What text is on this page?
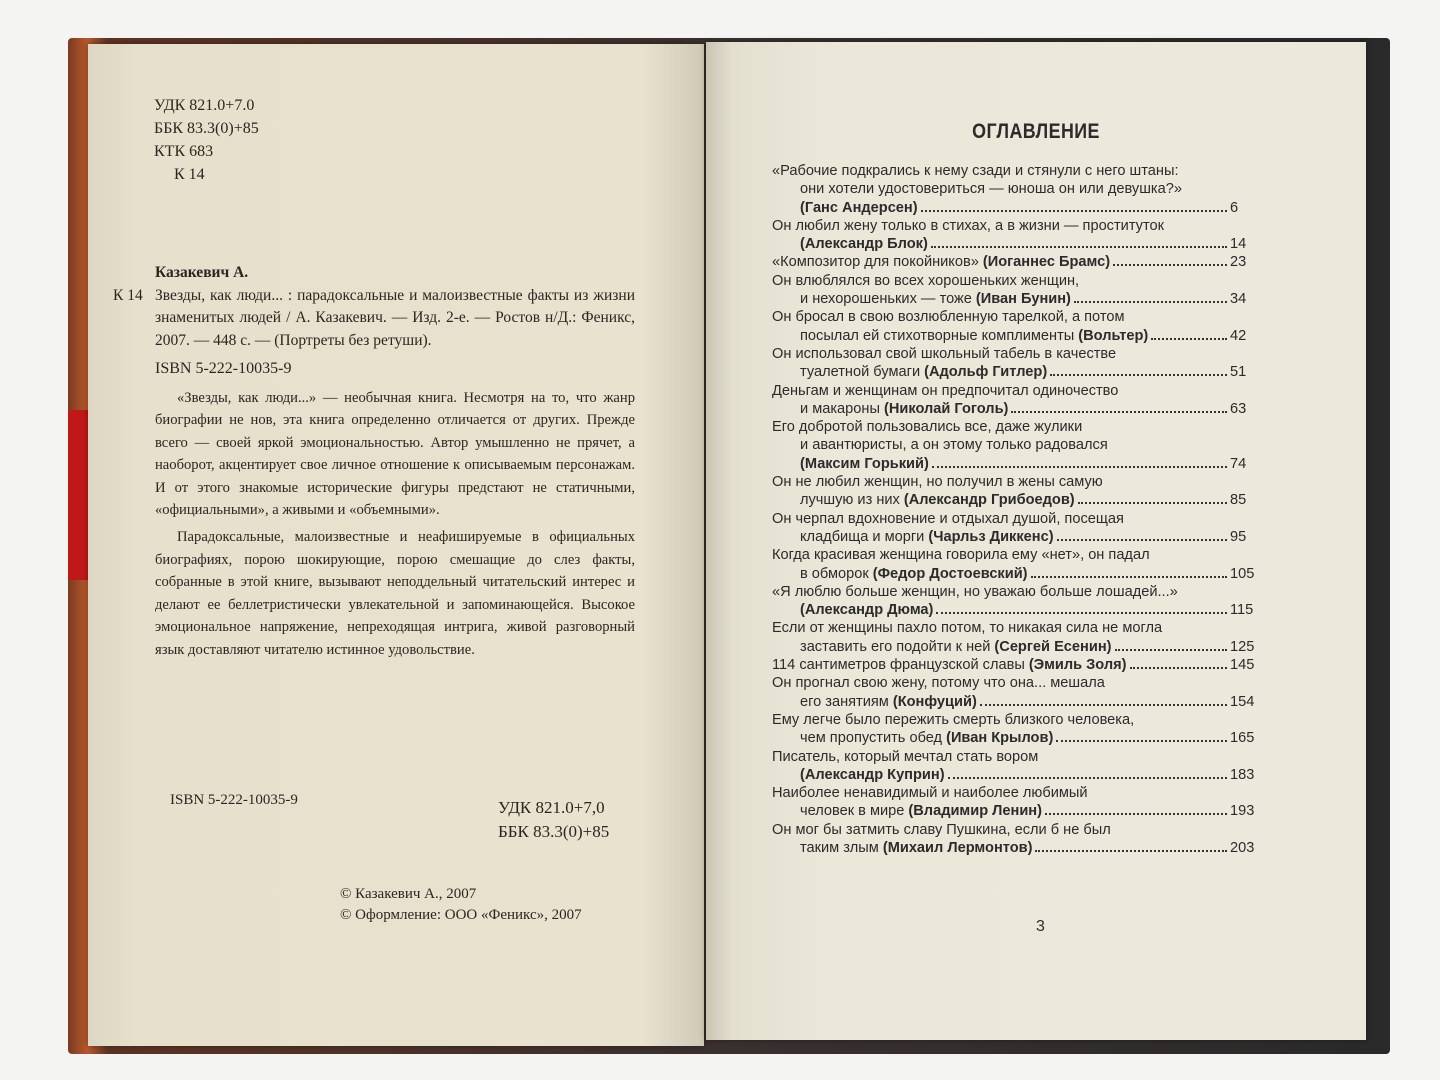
УДК 821.0+7.0
ББК 83.3(0)+85
КТК 683
К 14
Казакевич А.
К 14 Звезды, как люди... : парадоксальные и малоизвестные факты из жизни знаменитых людей / А. Казакевич. — Изд. 2-е. — Ростов н/Д.: Феникс, 2007. — 448 с. — (Портреты без ретуши).
ISBN 5-222-10035-9

«Звезды, как люди...» — необычная книга. Несмотря на то, что жанр биографии не нов, эта книга определенно отличается от других. Прежде всего — своей яркой эмоциональностью. Автор умышленно не прячет, а наоборот, акцентирует свое личное отношение к описываемым персонажам. И от этого знакомые исторические фигуры предстают не статичными, «официальными», а живыми и «объемными».

Парадоксальные, малоизвестные и неафишируемые в официальных биографиях, порою шокирующие, порою смешащие до слез факты, собранные в этой книге, вызывают неподдельный читательский интерес и делают ее беллетристически увлекательной и запоминающейся. Высокое эмоциональное напряжение, непреходящая интрига, живой разговорный язык доставляют читателю истинное удовольствие.

ISBN 5-222-10035-9	УДК 821.0+7,0
ББК 83.3(0)+85
© Казакевич А., 2007
© Оформление: ООО «Феникс», 2007
ОГЛАВЛЕНИЕ
«Рабочие подкрались к нему сзади и стянули с него штаны:
они хотели удостовериться — юноша он или девушка?»
(Ганс Андерсен)	6
Он любил жену только в стихах, а в жизни — проституток
(Александр Блок)	14
«Композитор для покойников» (Иоганнес Брамс)	23
Он влюблялся во всех хорошеньких женщин,
и нехорошеньких — тоже (Иван Бунин)	34
Он бросал в свою возлюбленную тарелкой, а потом
посылал ей стихотворные комплименты (Вольтер)	42
Он использовал свой школьный табель в качестве
туалетной бумаги (Адольф Гитлер)	51
Деньгам и женщинам он предпочитал одиночество
и макароны (Николай Гоголь)	63
Его добротой пользовались все, даже жулики
и авантюристы, а он этому только радовался
(Максим Горький)	74
Он не любил женщин, но получил в жены самую
лучшую из них (Александр Грибоедов)	85
Он черпал вдохновение и отдыхал душой, посещая
кладбища и морги (Чарльз Диккенс)	95
Когда красивая женщина говорила ему «нет», он падал
в обморок (Федор Достоевский)	105
«Я люблю больше женщин, но уважаю больше лошадей...»
(Александр Дюма)	115
Если от женщины пахло потом, то никакая сила не могла
заставить его подойти к ней (Сергей Есенин)	125
114 сантиметров французской славы (Эмиль Золя)	145
Он прогнал свою жену, потому что она... мешала
его занятиям (Конфуций)	154
Ему легче было пережить смерть близкого человека,
чем пропустить обед (Иван Крылов)	165
Писатель, который мечтал стать вором
(Александр Куприн)	183
Наиболее ненавидимый и наиболее любимый
человек в мире (Владимир Ленин)	193
Он мог бы затмить славу Пушкина, если б не был
таким злым (Михаил Лермонтов)	203
3
